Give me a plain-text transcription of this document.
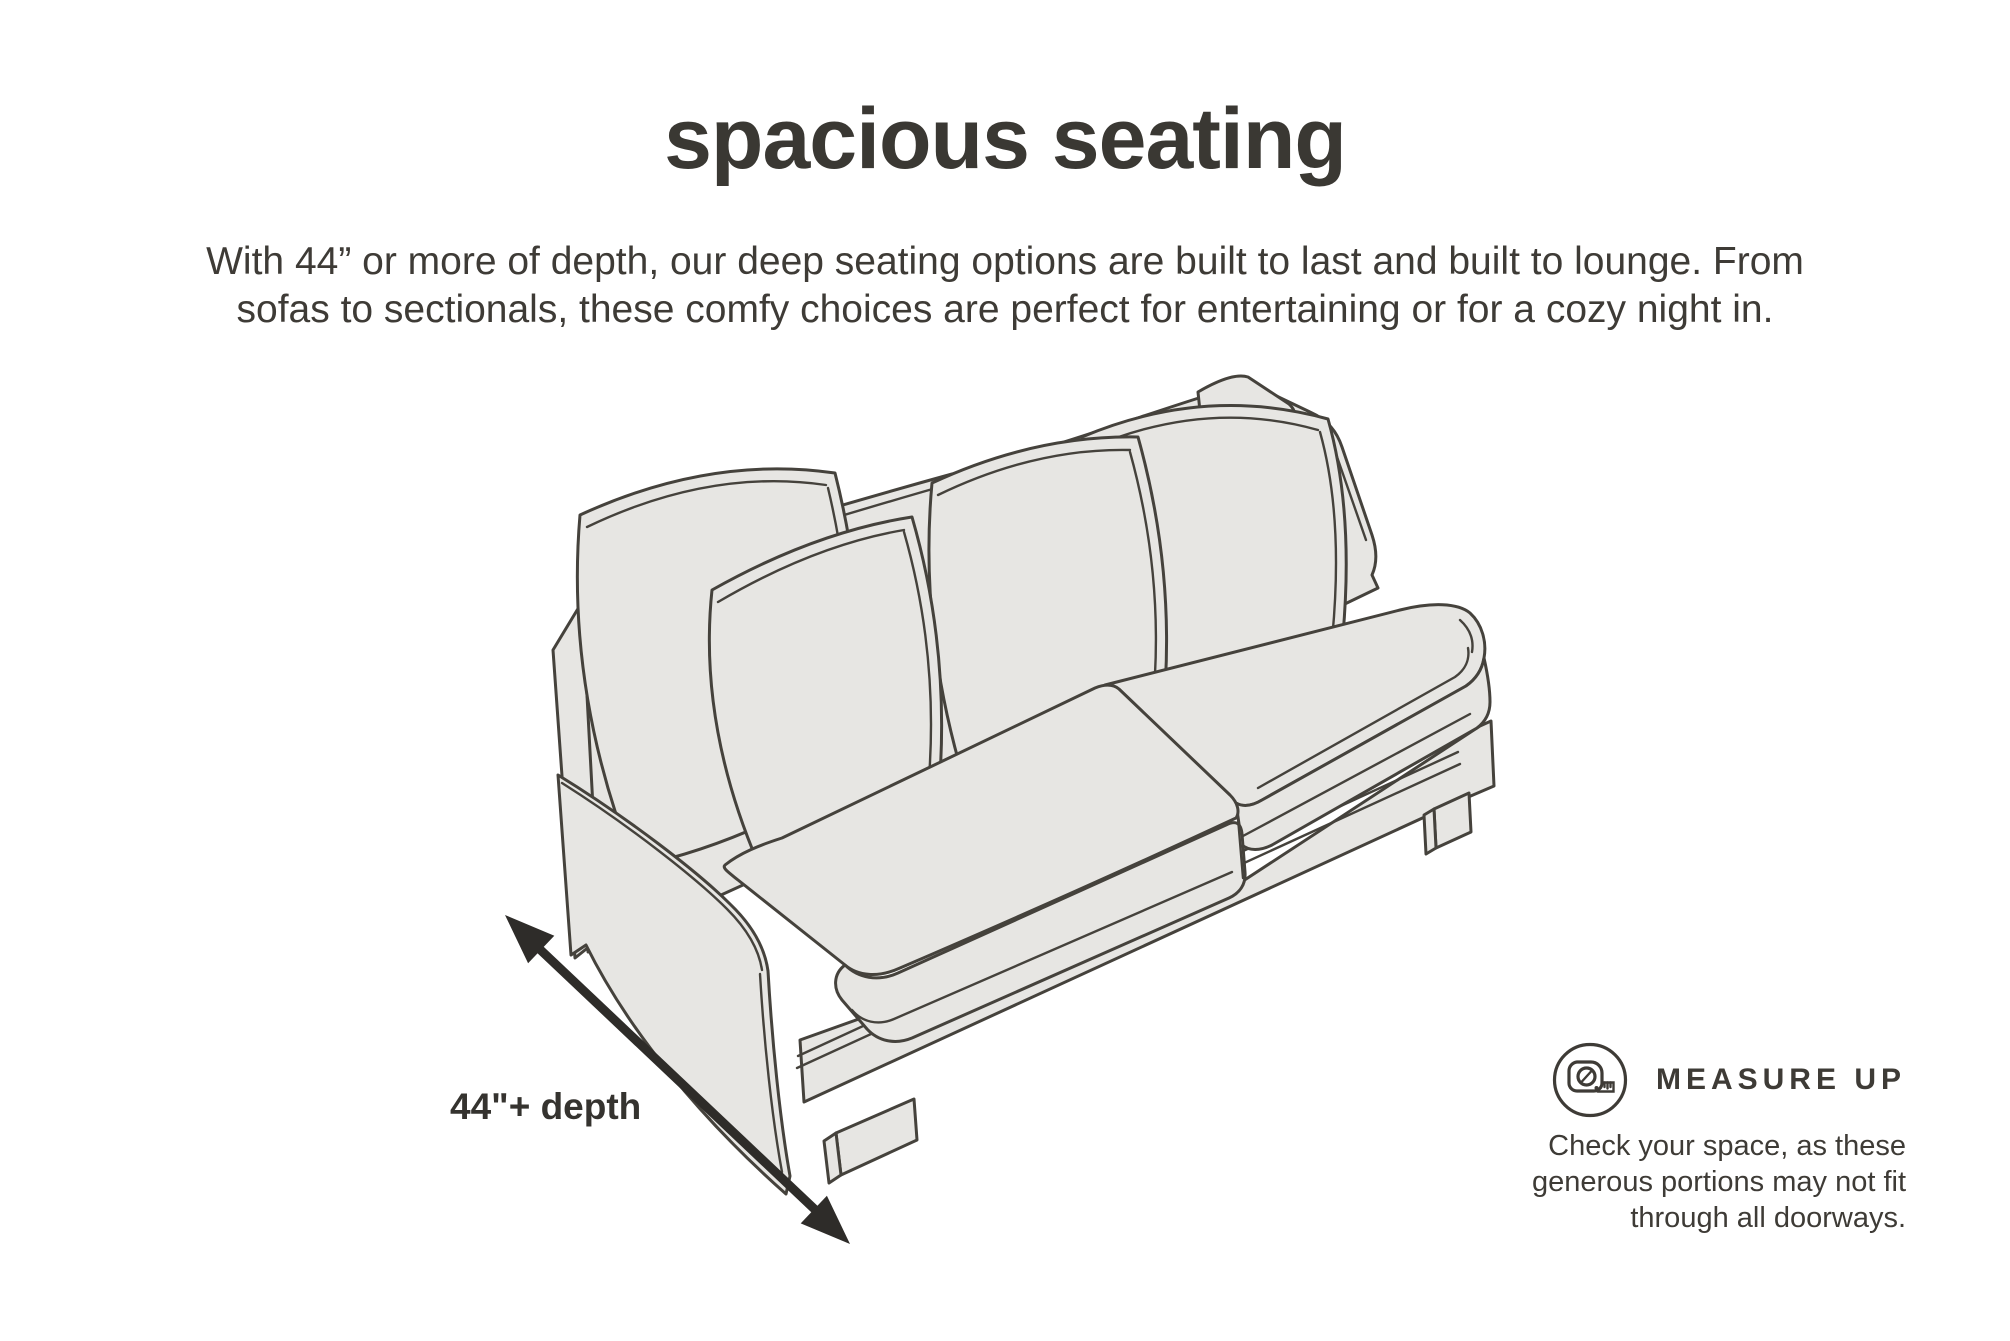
spacious seating

With 44” or more of depth, our deep seating options are built to last and built to lounge. From
sofas to sectionals, these comfy choices are perfect for entertaining or for a cozy night in.

44"+ depth
MEASURE UP
Check your space, as these
generous portions may not fit
through all doorways.
